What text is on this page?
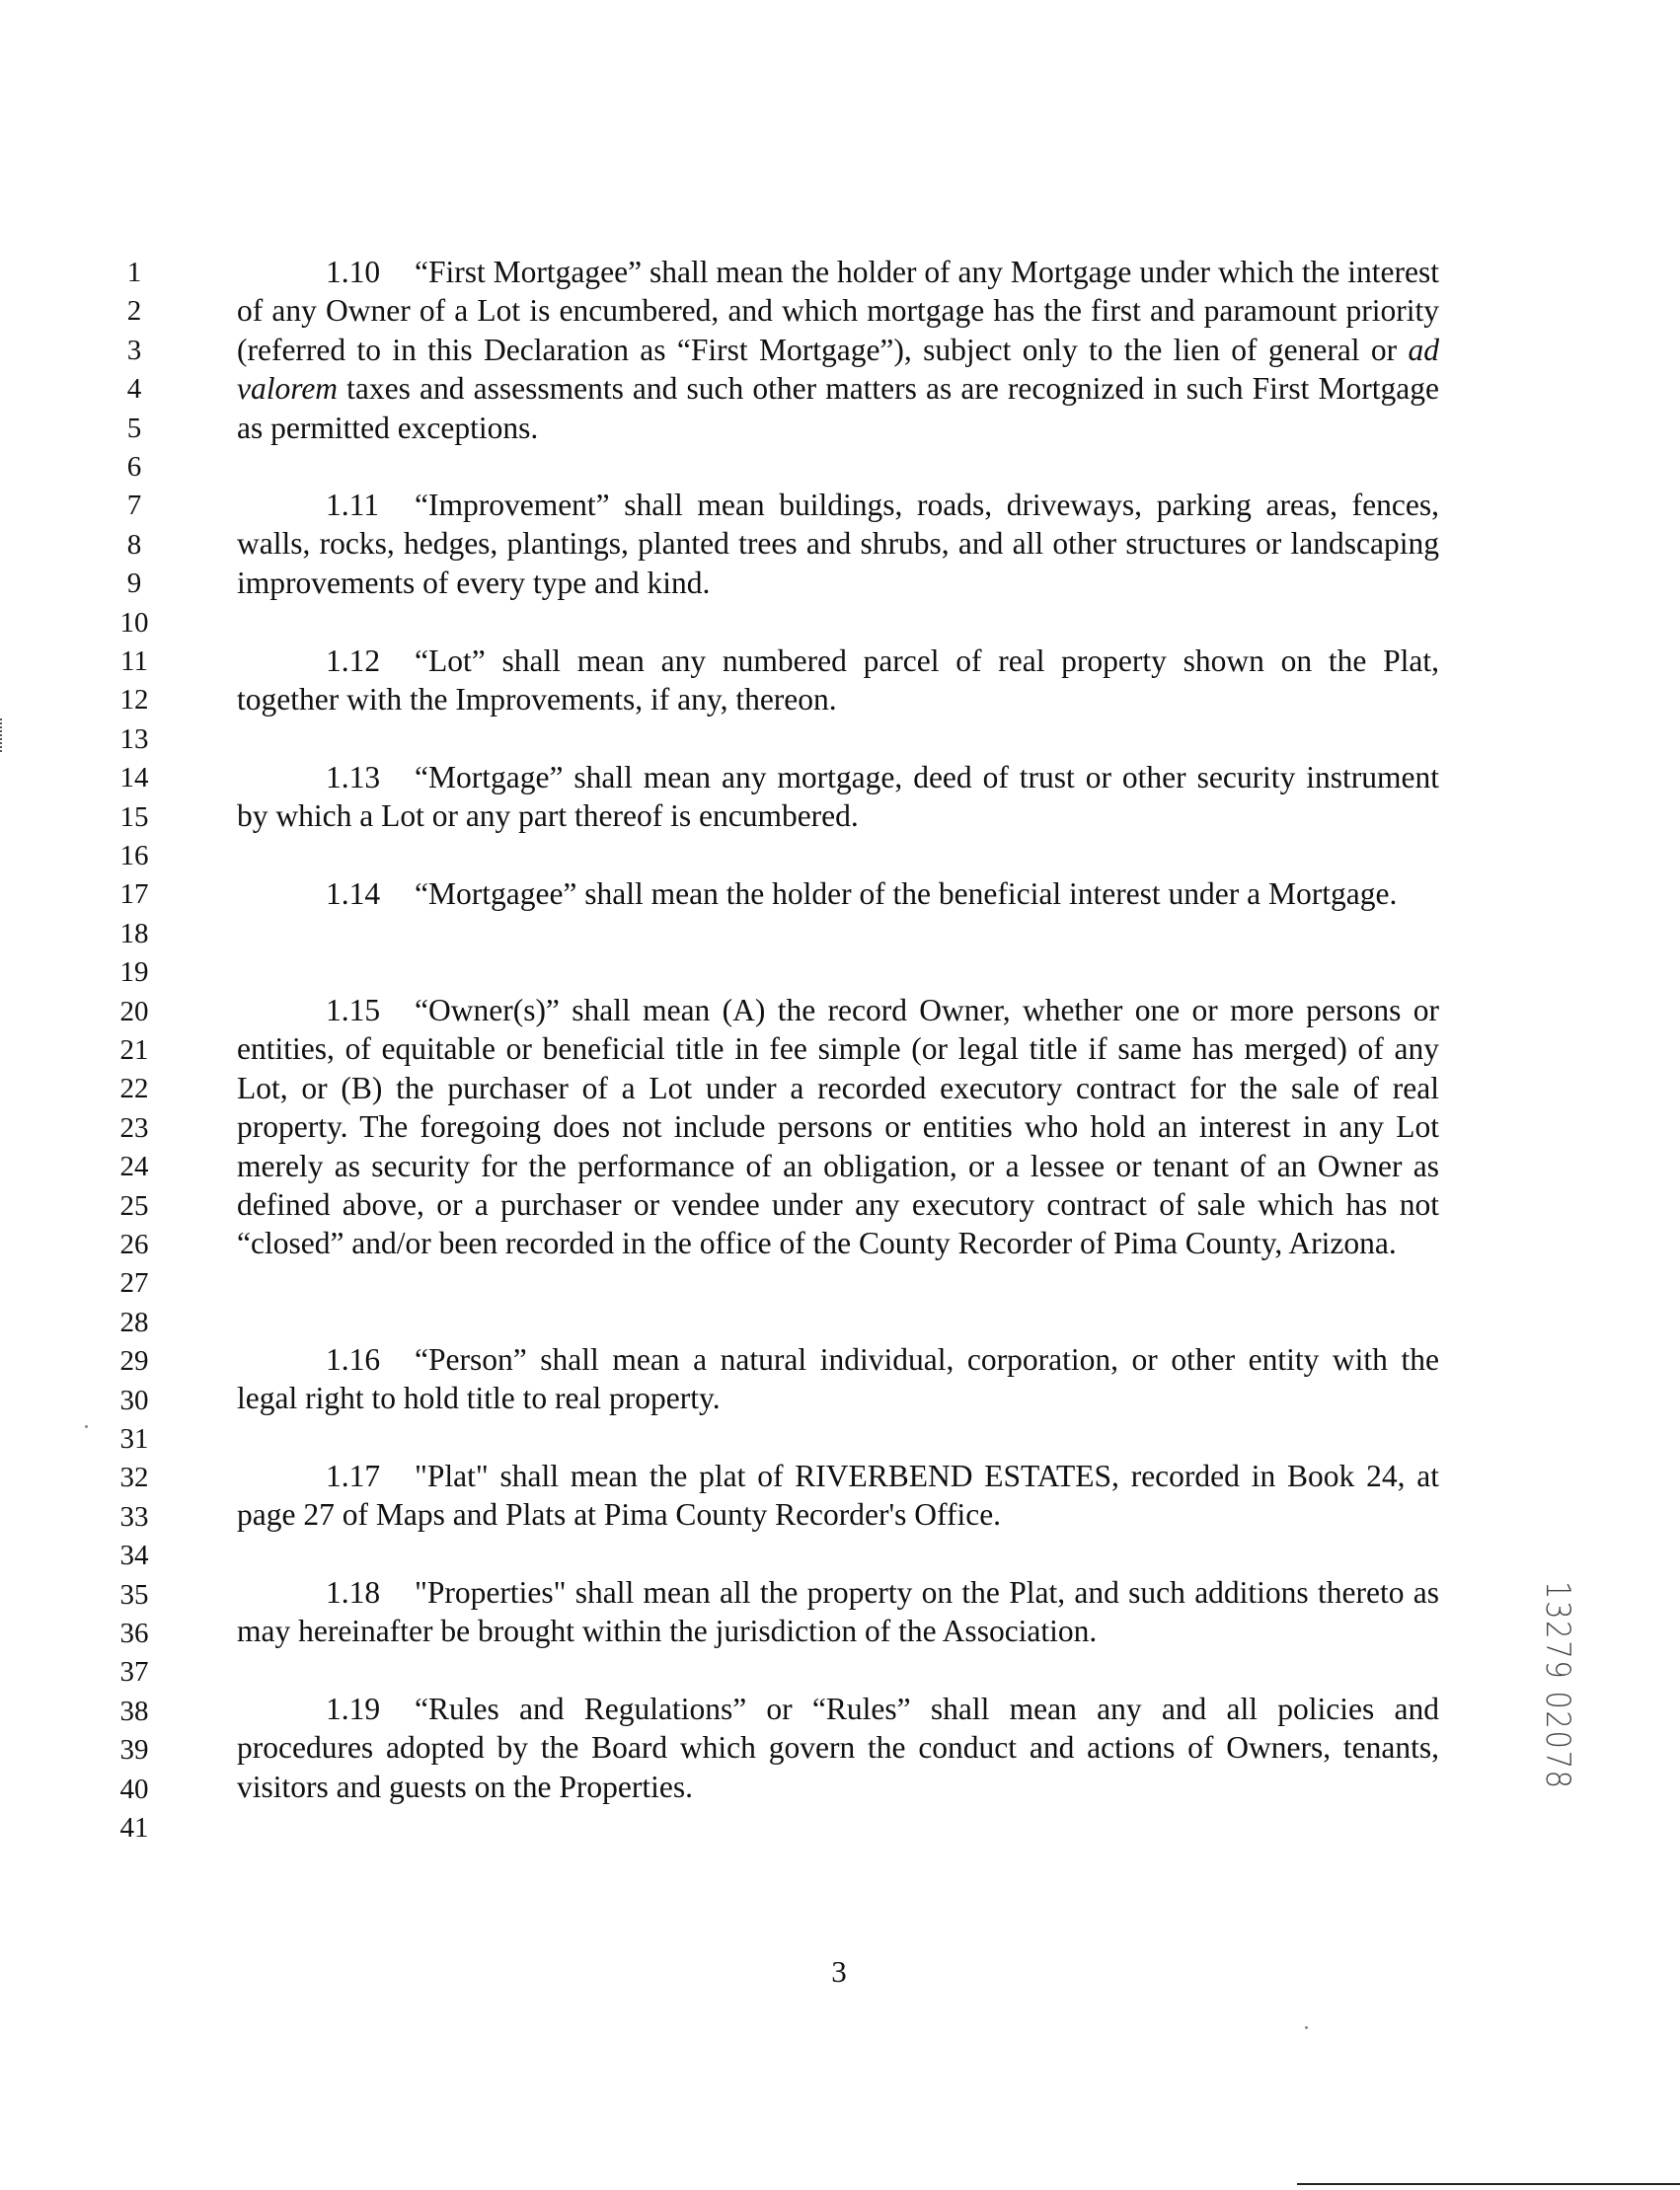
1
2
3
4
5
6
7
8
9
10
11
12
13
14
15
16
17
18
19
20
21
22
23
24
25
26
27
28
29
30
31
32
33
34
35
36
37
38
39
40
41
1.10 “First Mortgagee” shall mean the holder of any Mortgage under which the interest of any Owner of a Lot is encumbered, and which mortgage has the first and paramount priority (referred to in this Declaration as “First Mortgage”), subject only to the lien of general or ad valorem taxes and assessments and such other matters as are recognized in such First Mortgage as permitted exceptions.
1.11 “Improvement” shall mean buildings, roads, driveways, parking areas, fences, walls, rocks, hedges, plantings, planted trees and shrubs, and all other structures or landscaping improvements of every type and kind.
1.12 “Lot” shall mean any numbered parcel of real property shown on the Plat, together with the Improvements, if any, thereon.
1.13 “Mortgage” shall mean any mortgage, deed of trust or other security instrument by which a Lot or any part thereof is encumbered.
1.14 “Mortgagee” shall mean the holder of the beneficial interest under a Mortgage.
1.15 “Owner(s)” shall mean (A) the record Owner, whether one or more persons or entities, of equitable or beneficial title in fee simple (or legal title if same has merged) of any Lot, or (B) the purchaser of a Lot under a recorded executory contract for the sale of real property. The foregoing does not include persons or entities who hold an interest in any Lot merely as security for the performance of an obligation, or a lessee or tenant of an Owner as defined above, or a purchaser or vendee under any executory contract of sale which has not “closed” and/or been recorded in the office of the County Recorder of Pima County, Arizona.
1.16 “Person” shall mean a natural individual, corporation, or other entity with the legal right to hold title to real property.
1.17 "Plat" shall mean the plat of RIVERBEND ESTATES, recorded in Book 24, at page 27 of Maps and Plats at Pima County Recorder's Office.
1.18 "Properties" shall mean all the property on the Plat, and such additions thereto as may hereinafter be brought within the jurisdiction of the Association.
1.19 “Rules and Regulations” or “Rules” shall mean any and all policies and procedures adopted by the Board which govern the conduct and actions of Owners, tenants, visitors and guests on the Properties.
3
13279 02078
